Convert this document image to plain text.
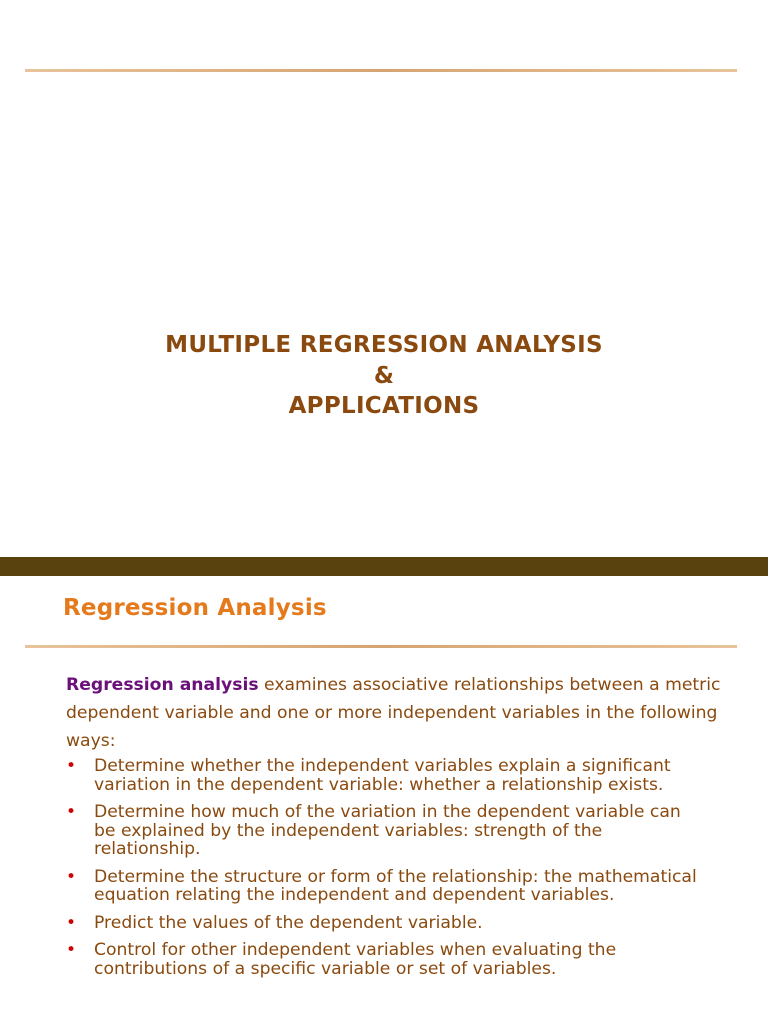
MULTIPLE REGRESSION ANALYSIS
&
APPLICATIONS
Regression Analysis

Regression analysis examines associative relationships between a metric dependent variable and one or more independent variables in the following ways:

• Determine whether the independent variables explain a significant variation in the dependent variable: whether a relationship exists.
• Determine how much of the variation in the dependent variable can be explained by the independent variables: strength of the relationship.
• Determine the structure or form of the relationship: the mathematical equation relating the independent and dependent variables.
• Predict the values of the dependent variable.
• Control for other independent variables when evaluating the contributions of a specific variable or set of variables.
